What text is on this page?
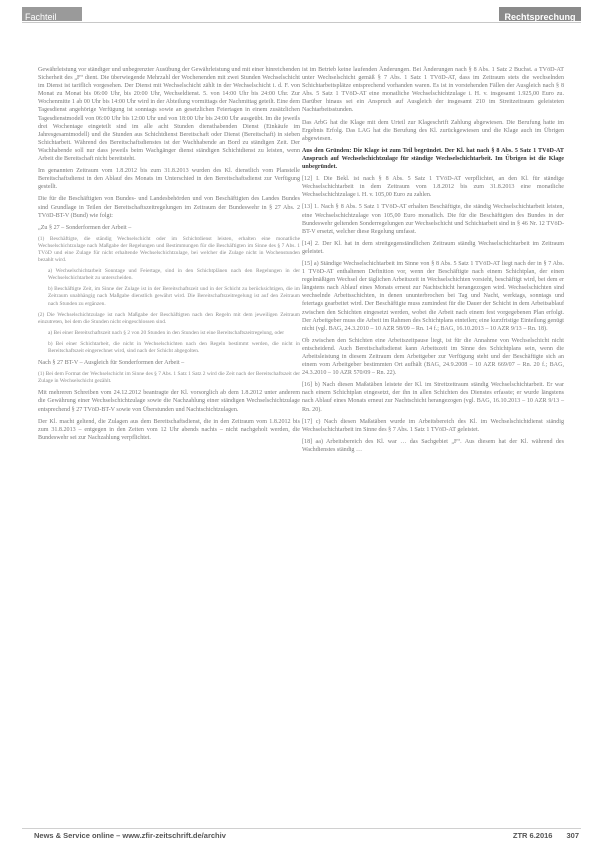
Fachteil	Rechtsprechung

Gewährleistung vor ständiger und unbegrenzter Ausübung der Gewährleistung und mit einer hinreichenden Sicherheit des „F“ dient. Die überwiegende Mehrzahl der Wochenenden mit zwei Stunden Wechselschicht im Dienst ist tariflich vorgesehen. Der Dienst mit Wechselschicht zählt in der Wechselschicht i. d. F. von Monat zu Monat bis 06:00 Uhr, bis 20:00 Uhr, Wechseldienst. 5. von 14:00 Uhr bis 24:00 Uhr. Zur Wochenmitte 1 ab 00 Uhr bis 14:00 Uhr wird in der Abteilung vormittags der Nachmittag geteilt. Eine dem Tagesdienst angehörige Verfügung ist sonntags sowie an gesetzlichen Feiertagen in einem zusätzlichen Tagesdienstmodell von 06:00 Uhr bis 12:00 Uhr und von 18:00 Uhr bis 24:00 Uhr ausgeübt. Im die jeweils drei Wochentage eingeteilt sind im alle acht Stunden diensthabenden Dienst (Einkäufe im Jahresgesamtmodell) und die Stunden aus Schichtdienst Bereitschaft oder Dienst (Bereitschaft) in sieben Schichtarbeit. Während des Bereitschaftsdienstes ist der Wachhabende an Bord zu ständigen Zeit. Der Wachhabende soll nur dass jeweils beim Wachgänger dienst ständigen Schichtdienst zu leisten, wenn Arbeit die Bereitschaft nicht bereitsteht.

Im genannten Zeitraum vom 1.8.2012 bis zum 31.8.2013 wurden des Kl. dienstlich vom Planstelle Bereitschaftsdienst in den Ablauf des Monats im Unterschied in den Bereitschaftsdienst zur Verfügung gestellt.

Die für die Beschäftigten von Bundes- und Landesbehörden und von Beschäftigten des Landes Bundes sind Grundlage in Teilen der Bereitschaftszeitregelungen im Zeitraum der Bundeswehr in § 27 Abs. 2 TVöD-BT-V (Bund) wie folgt:

„Zu § 27 – Sonderformen der Arbeit –

(1) Beschäftigte, die ständig Wechselschicht oder im Schichtdienst leisten, erhalten eine monatliche Wechselschichtzulage nach Maßgabe der Regelungen und Bestimmungen für die Beschäftigten im Sinne des § 7 Abs. 1 TVöD und eine Zulage für nicht erhaltende Wechselschichtzulage, bei welcher die Zulage nicht in Wochenstunden bezahlt wird.

a) Wechselschichtarbeit Sonntage und Feiertage, sind in den Schichtplänen nach den Regelungen in der Wechselschichtarbeit zu unterscheiden.

b) Beschäftigte Zeit, im Sinne der Zulage ist in der Bereitschaftszeit und in der Schicht zu berücksichtigen, die im Zeitraum unabhängig nach Maßgabe dienstlich gewährt wird. Die Bereitschaftszeitregelung ist auf den Zeitraum nach Stunden zu ergänzen.

(2) Die Wechselschichtzulage ist nach Maßgabe der Beschäftigten nach den Regeln mit dem jeweiligen Zeitraum einzutreten, bei dem die Stunden nicht eingeschlossen sind.

a) Bei einer Bereitschaftszeit nach § 2 von 20 Stunden in den Stunden ist eine Bereitschaftszeitregelung, oder

b) Bei einer Schichtarbeit, die nicht in Wechselschichten nach den Regeln bestimmt werden, die nicht in Bereitschaftszeit eingerechnet wird, sind nach der Schicht abgegolten.

Nach § 27 BT-V – Ausgleich für Sonderformen der Arbeit –

(1) Bei dem Format der Wechselschicht im Sinne des § 7 Abs. 1 Satz 1 Satz 2 wird die Zeit nach der Bereitschaftszeit der Zulage in Wechselschicht gezählt.

Mit mehreren Schreiben vom 24.12.2012 beantragte der Kl. vorsorglich ab dem 1.8.2012 unter anderem die Gewährung einer Wechselschichtzulage sowie die Nachzahlung einer ständigen Wechselschichtzulage entsprechend § 27 TVöD-BT-V sowie von Überstunden und Nachtschichtzulagen.

Der Kl. macht geltend, die Zulagen aus dem Bereitschaftsdienst, die in den Zeitraum vom 1.8.2012 bis zum 31.8.2013 – entgegen in den Zeiten vom 12 Uhr abends nachts – nicht nachgeholt werden, die Bundeswehr sei zur Nachzahlung verpflichtet.

ist im Betrieb keine laufenden Änderungen. Bei Änderungen nach § 8 Abs. 1 Satz 2 Buchst. a TVöD-AT unter Wechselschicht gemäß § 7 Abs. 1 Satz 1 TVöD-AT, dass im Zeitraum stets die wechselnden Schichtarbeitsplätze entsprechend vorhanden waren. Es ist in vorstehenden Fällen der Ausgleich nach § 8 Abs. 5 Satz 1 TVöD-AT eine monatliche Wechselschichtzulage i. H. v. insgesamt 1.925,00 Euro zu. Darüber hinaus sei ein Anspruch auf Ausgleich der insgesamt 210 im Streitzeitraum geleisteten Nachtarbeitsstunden.

Das ArbG hat die Klage mit dem Urteil zur Klageschrift Zahlung abgewiesen. Die Berufung hatte im Ergebnis Erfolg. Das LAG hat die Berufung des Kl. zurückgewiesen und die Klage auch im Übrigen abgewiesen.

Aus den Gründen: Die Klage ist zum Teil begründet. Der Kl. hat nach § 8 Abs. 5 Satz 1 TVöD-AT Anspruch auf Wechselschichtzulage für ständige Wechselschichtarbeit. Im Übrigen ist die Klage unbegründet.

[12] I. Die Bekl. ist nach § 8 Abs. 5 Satz 1 TVöD-AT verpflichtet, an den Kl. für ständige Wechselschichtarbeit in dem Zeitraum vom 1.8.2012 bis zum 31.8.2013 eine monatliche Wechselschichtzulage i. H. v. 105,00 Euro zu zahlen.

[13] 1. Nach § 8 Abs. 5 Satz 1 TVöD-AT erhalten Beschäftigte, die ständig Wechselschichtarbeit leisten, eine Wechselschichtzulage von 105,00 Euro monatlich. Die für die Beschäftigten des Bundes in der Bundeswehr geltenden Sonderregelungen zur Wechselschicht und Schichtarbeit sind in § 46 Nr. 12 TVöD-BT-V ersetzt, welcher diese Regelung umfasst.

[14] 2. Der Kl. hat in dem streitgegenständlichen Zeitraum ständig Wechselschichtarbeit im Zeitraum geleistet.

[15] a) Ständige Wechselschichtarbeit im Sinne von § 8 Abs. 5 Satz 1 TVöD-AT liegt nach der in § 7 Abs. 1 TVöD-AT enthaltenen Definition vor, wenn der Beschäftigte nach einem Schichtplan, der einen regelmäßigen Wechsel der täglichen Arbeitszeit in Wechselschichten vorsieht, beschäftigt wird, bei dem er längstens nach Ablauf eines Monats erneut zur Nachtschicht herangezogen wird. Wechselschichten sind wechselnde Arbeitsschichten, in denen ununterbrochen bei Tag und Nacht, werktags, sonntags und feiertags gearbeitet wird. Der Beschäftigte muss zumindest für die Dauer der Schicht in dem Arbeitsablauf zwischen den Schichten eingesetzt werden, wobei die Arbeit nach einem fest vorgegebenen Plan erfolgt. Der Arbeitgeber muss die Arbeit im Rahmen des Schichtplans einteilen; eine kurzfristige Einteilung genügt nicht (vgl. BAG, 24.3.2010 – 10 AZR 58/09 – Rn. 14 f.; BAG, 16.10.2013 – 10 AZR 9/13 – Rn. 18).

Ob zwischen den Schichten eine Arbeitszeitpause liegt, ist für die Annahme von Wechselschicht nicht entscheidend. Auch Bereitschaftsdienst kann Arbeitszeit im Sinne des Schichtplans sein, wenn die Arbeitsleistung in diesem Zeitraum dem Arbeitgeber zur Verfügung steht und der Beschäftigte sich an einem vom Arbeitgeber bestimmten Ort aufhält (BAG, 24.9.2008 – 10 AZR 669/07 – Rn. 20 f.; BAG, 24.3.2010 – 10 AZR 570/09 – Rn. 22).

[16] b) Nach diesen Maßstäben leistete der Kl. im Streitzeitraum ständig Wechselschichtarbeit. Er war nach einem Schichtplan eingesetzt, der ihn in allen Schichten des Dienstes erfasste; er wurde längstens nach Ablauf eines Monats erneut zur Nachtschicht herangezogen (vgl. BAG, 16.10.2013 – 10 AZR 9/13 – Rn. 20).

[17] c) Nach diesen Maßstäben wurde im Arbeitsbereich des Kl. im Wechselschichtdienst ständig Wechselschichtarbeit im Sinne des § 7 Abs. 1 Satz 1 TVöD-AT geleistet.

[18] aa) Arbeitsbereich des Kl. war … das Sachgebiet „F“. Aus diesem hat der Kl. während des Wachdienstes ständig …

News & Service online – www.zfir-zeitschrift.de/archiv	ZTR 6.2016 307
